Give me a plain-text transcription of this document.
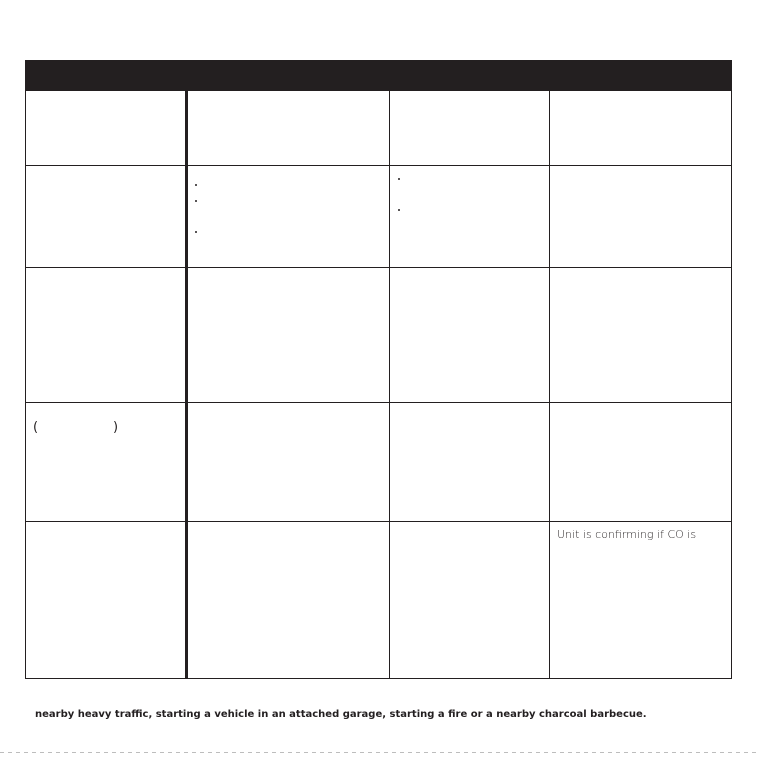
(	)
Unit is confirming if CO is
nearby heavy traffic, starting a vehicle in an attached garage, starting a fire or a nearby charcoal barbecue.
